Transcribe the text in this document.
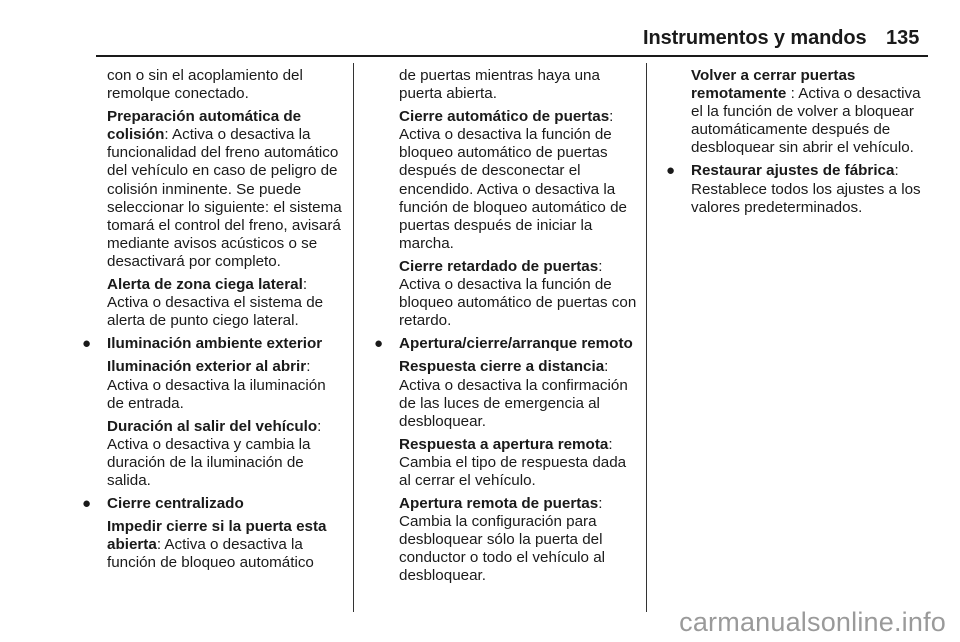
Instrumentos y mandos 135

con o sin el acoplamiento del remolque conectado.

Preparación automática de colisión: Activa o desactiva la funcionalidad del freno automático del vehículo en caso de peligro de colisión inminente. Se puede seleccionar lo siguiente: el sistema tomará el control del freno, avisará mediante avisos acústicos o se desactivará por completo.

Alerta de zona ciega lateral: Activa o desactiva el sistema de alerta de punto ciego lateral.

● Iluminación ambiente exterior

Iluminación exterior al abrir: Activa o desactiva la iluminación de entrada.

Duración al salir del vehículo: Activa o desactiva y cambia la duración de la iluminación de salida.

● Cierre centralizado

Impedir cierre si la puerta esta abierta: Activa o desactiva la función de bloqueo automático

de puertas mientras haya una puerta abierta.

Cierre automático de puertas: Activa o desactiva la función de bloqueo automático de puertas después de desconectar el encendido. Activa o desactiva la función de bloqueo automático de puertas después de iniciar la marcha.

Cierre retardado de puertas: Activa o desactiva la función de bloqueo automático de puertas con retardo.

● Apertura/cierre/arranque remoto

Respuesta cierre a distancia: Activa o desactiva la confirmación de las luces de emergencia al desbloquear.

Respuesta a apertura remota: Cambia el tipo de respuesta dada al cerrar el vehículo.

Apertura remota de puertas: Cambia la configuración para desbloquear sólo la puerta del conductor o todo el vehículo al desbloquear.

Volver a cerrar puertas remotamente : Activa o desactiva el la función de volver a bloquear automáticamente después de desbloquear sin abrir el vehículo.

● Restaurar ajustes de fábrica: Restablece todos los ajustes a los valores predeterminados.
carmanualsonline.info
